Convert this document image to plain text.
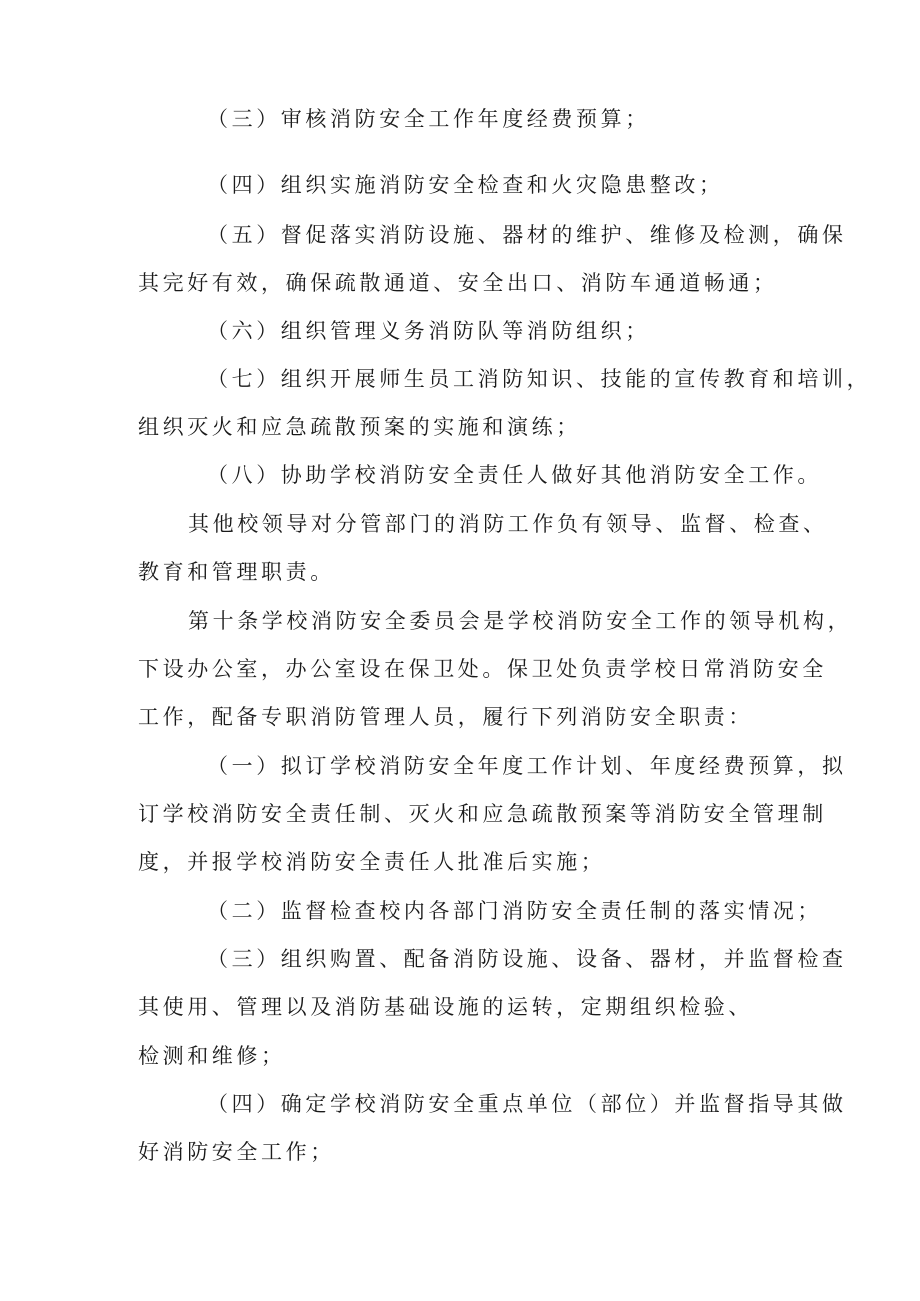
（三）审核消防安全工作年度经费预算；

（四）组织实施消防安全检查和火灾隐患整改；

（五）督促落实消防设施、器材的维护、维修及检测，确保

其完好有效，确保疏散通道、安全出口、消防车通道畅通；

（六）组织管理义务消防队等消防组织；

（七）组织开展师生员工消防知识、技能的宣传教育和培训，

组织灭火和应急疏散预案的实施和演练；

（八）协助学校消防安全责任人做好其他消防安全工作。

其他校领导对分管部门的消防工作负有领导、监督、检查、

教育和管理职责。

第十条学校消防安全委员会是学校消防安全工作的领导机构，

下设办公室，办公室设在保卫处。保卫处负责学校日常消防安全

工作，配备专职消防管理人员，履行下列消防安全职责：

（一）拟订学校消防安全年度工作计划、年度经费预算，拟

订学校消防安全责任制、灭火和应急疏散预案等消防安全管理制

度，并报学校消防安全责任人批准后实施；

（二）监督检查校内各部门消防安全责任制的落实情况；

（三）组织购置、配备消防设施、设备、器材，并监督检查

其使用、管理以及消防基础设施的运转，定期组织检验、

检测和维修；

（四）确定学校消防安全重点单位（部位）并监督指导其做

好消防安全工作；
